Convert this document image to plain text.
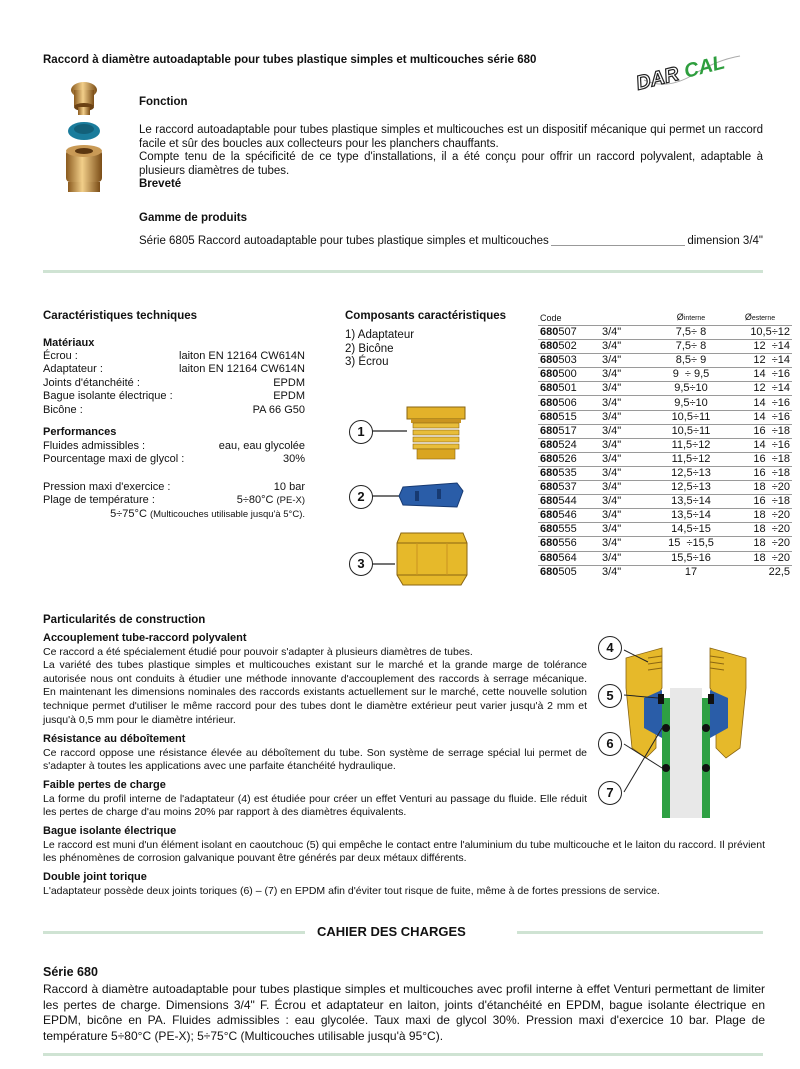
Raccord à diamètre autoadaptable pour tubes plastique simples et multicouches série 680
DAR CAL
Fonction
Le raccord autoadaptable pour tubes plastique simples et multicouches est un dispositif mécanique qui permet un raccord facile et sûr des boucles aux collecteurs pour les planchers chauffants.
Compte tenu de la spécificité de ce type d'installations, il a été conçu pour offrir un raccord polyvalent, adaptable à plusieurs diamètres de tubes.
Breveté
Gamme de produits
Série 6805 Raccord autoadaptable pour tubes plastique simples et multicouches	dimension 3/4"
Caractéristiques techniques
Matériaux
Écrou :	laiton EN 12164 CW614N
Adaptateur :	laiton EN 12164 CW614N
Joints d'étanchéité :	EPDM
Bague isolante électrique :	EPDM
Bicône :	PA 66 G50
Performances
Fluides admissibles :	eau, eau glycolée
Pourcentage maxi de glycol :	30%
Pression maxi d'exercice :	10 bar
Plage de température :	5÷80°C (PE-X)
5÷75°C (Multicouches utilisable jusqu'à 5°C).
Composants caractéristiques
1) Adaptateur
2) Bicône
3) Écrou
1
2
3
Code		Øinterne	Øesterne
680507	3/4"	7,5÷ 8	10,5÷12
680502	3/4"	7,5÷ 8	12  ÷14
680503	3/4"	8,5÷ 9	12  ÷14
680500	3/4"	9  ÷ 9,5	14  ÷16
680501	3/4"	9,5÷10	12  ÷14
680506	3/4"	9,5÷10	14  ÷16
680515	3/4"	10,5÷11	14  ÷16
680517	3/4"	10,5÷11	16  ÷18
680524	3/4"	11,5÷12	14  ÷16
680526	3/4"	11,5÷12	16  ÷18
680535	3/4"	12,5÷13	16  ÷18
680537	3/4"	12,5÷13	18  ÷20
680544	3/4"	13,5÷14	16  ÷18
680546	3/4"	13,5÷14	18  ÷20
680555	3/4"	14,5÷15	18  ÷20
680556	3/4"	15  ÷15,5	18  ÷20
680564	3/4"	15,5÷16	18  ÷20
680505	3/4"	17	22,5
Particularités de construction
Accouplement tube-raccord polyvalent
Ce raccord a été spécialement étudié pour pouvoir s'adapter à plusieurs diamètres de tubes.
La variété des tubes plastique simples et multicouches existant sur le marché et la grande marge de tolérance autorisée nous ont conduits à étudier une méthode innovante d'accouplement des raccords à serrage mécanique. En maintenant les dimensions nominales des raccords existants actuellement sur le marché, cette nouvelle solution technique permet d'utiliser le même raccord pour des tubes dont le diamètre extérieur peut varier jusqu'à 2 mm et jusqu'à 0,5 mm pour le diamètre intérieur.
Résistance au déboîtement
Ce raccord oppose une résistance élevée au déboîtement du tube. Son système de serrage spécial lui permet de s'adapter à toutes les applications avec une parfaite étanchéité hydraulique.
Faible pertes de charge
La forme du profil interne de l'adaptateur (4) est étudiée pour créer un effet Venturi au passage du fluide. Elle réduit les pertes de charge d'au moins 20% par rapport à des diamètres équivalents.
Bague isolante électrique
Le raccord est muni d'un élément isolant en caoutchouc (5) qui empêche le contact entre l'aluminium du tube multicouche et le laiton du raccord. Il prévient les phénomènes de corrosion galvanique pouvant être générés par deux métaux différents.
Double joint torique
L'adaptateur possède deux joints toriques (6) – (7) en EPDM afin d'éviter tout risque de fuite, même à de fortes pressions de service.
4
5
6
7
CAHIER DES CHARGES
Série 680
Raccord à diamètre autoadaptable pour tubes plastique simples et multicouches avec profil interne à effet Venturi permettant de limiter les pertes de charge. Dimensions 3/4" F. Écrou et adaptateur en laiton, joints d'étanchéité en EPDM, bague isolante électrique en EPDM, bicône en PA. Fluides admissibles : eau glycolée. Taux maxi de glycol 30%. Pression maxi d'exercice 10 bar. Plage de température 5÷80°C (PE-X); 5÷75°C (Multicouches utilisable jusqu'à 95°C).
